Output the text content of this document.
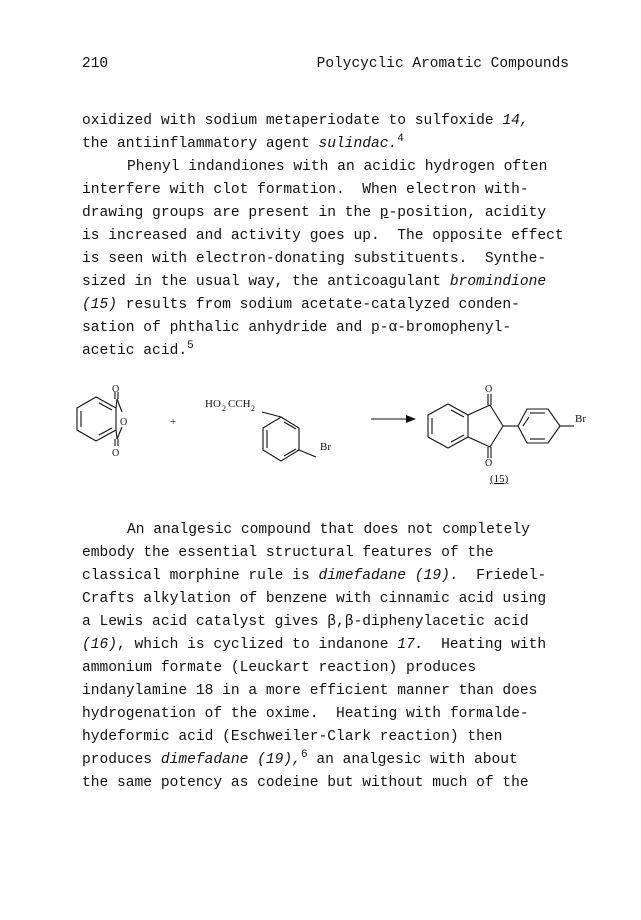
210	Polycyclic Aromatic Compounds
oxidized with sodium metaperiodate to sulfoxide 14,
the antiinflammatory agent sulindac.$^4$
Phenyl indandiones with an acidic hydrogen often
interfere with clot formation.  When electron with-
drawing groups are present in the p-position, acidity
is increased and activity goes up.  The opposite effect
is seen with electron-donating substituents.  Synthe-
sized in the usual way, the anticoagulant bromindione
(15) results from sodium acetate-catalyzed conden-
sation of phthalic anhydride and p-α-bromophenyl-
acetic acid.$^5$
O
O
O
+
HO 2 CCH 2
Br
O
O
Br
(15)
An analgesic compound that does not completely
embody the essential structural features of the
classical morphine rule is dimefadane (19).  Friedel-
Crafts alkylation of benzene with cinnamic acid using
a Lewis acid catalyst gives β,β-diphenylacetic acid
(16), which is cyclized to indanone 17.  Heating with
ammonium formate (Leuckart reaction) produces
indanylamine 18 in a more efficient manner than does
hydrogenation of the oxime.  Heating with formalde-
hydeformic acid (Eschweiler-Clark reaction) then
produces dimefadane (19),$^6$ an analgesic with about
the same potency as codeine but without much of the
